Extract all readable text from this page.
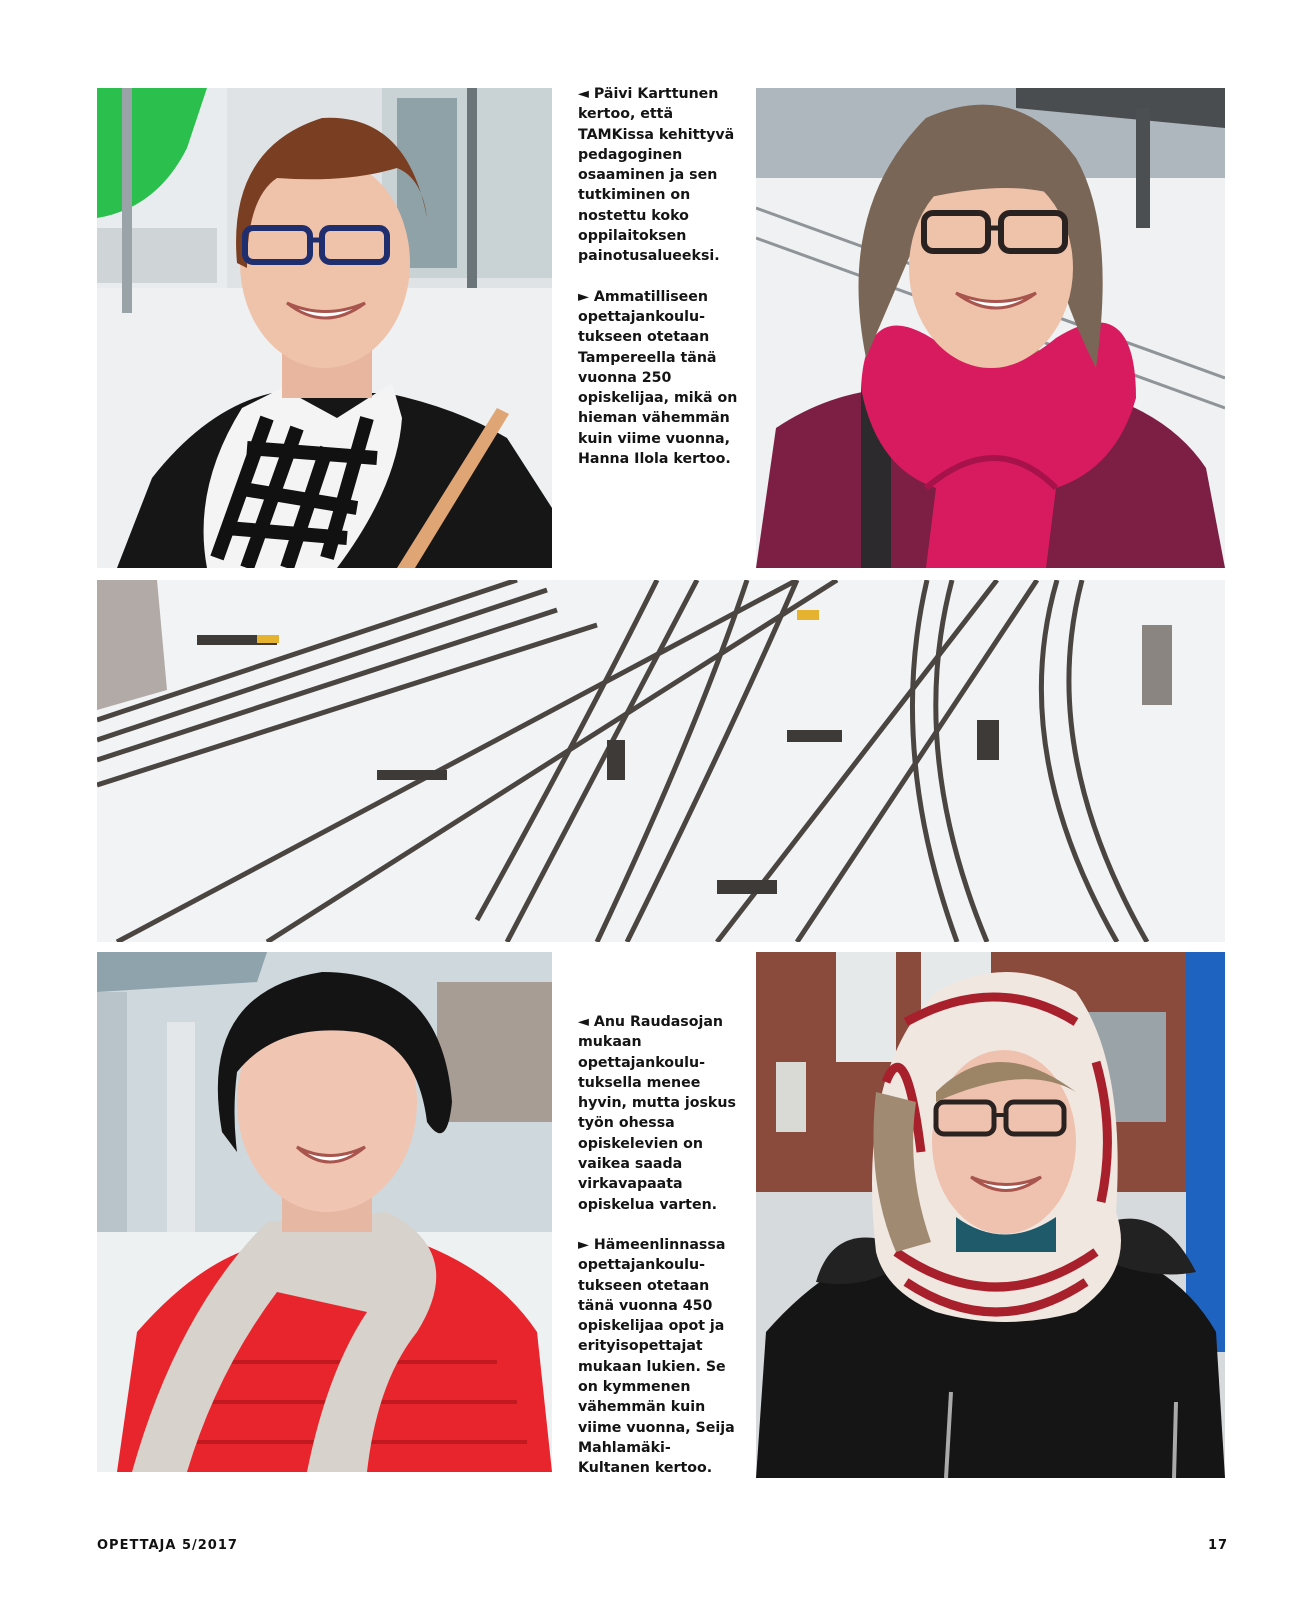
◄ Päivi Karttunen kertoo, että TAMKissa kehittyvä pedagoginen osaaminen ja sen tutkiminen on nostettu koko oppilaitoksen painotusalueeksi.

► Ammatilliseen opettajankoulu-tukseen otetaan Tampereella tänä vuonna 250 opiskelijaa, mikä on hieman vähemmän kuin viime vuonna, Hanna Ilola kertoo.

◄ Anu Raudasojan mukaan opettajankoulu-tuksella menee hyvin, mutta joskus työn ohessa opiskelevien on vaikea saada virkavapaata opiskelua varten.

► Hämeenlinnassa opettajankoulu-tukseen otetaan tänä vuonna 450 opiskelijaa opot ja erityisopettajat mukaan lukien. Se on kymmenen vähemmän kuin viime vuonna, Seija Mahlamäki-Kultanen kertoo.

OPETTAJA 5/2017	17
